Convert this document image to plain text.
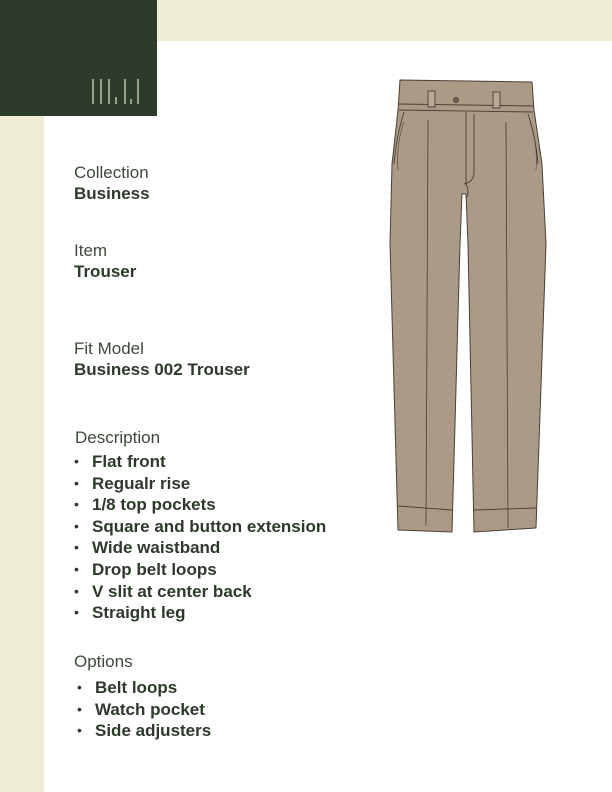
Collection
Business
Item
Trouser
Fit Model
Business 002 Trouser
Description
• Flat front
• Regualr rise
• 1/8 top pockets
• Square and button extension
• Wide waistband
• Drop belt loops
• V slit at center back
• Straight leg
Options
• Belt loops
• Watch pocket
• Side adjusters
